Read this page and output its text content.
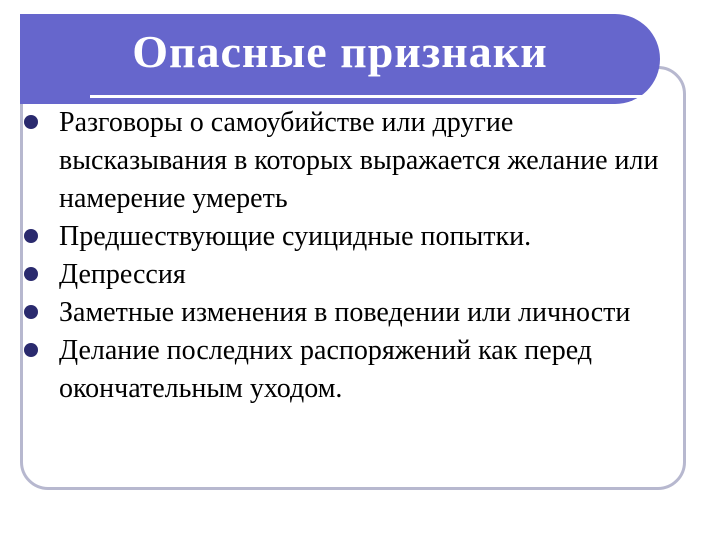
Опасные признаки
Разговоры о самоубийстве или другие высказывания в которых выражается желание или намерение умереть
Предшествующие суицидные попытки.
Депрессия
Заметные изменения в поведении или личности
Делание последних распоряжений как перед окончательным уходом.
